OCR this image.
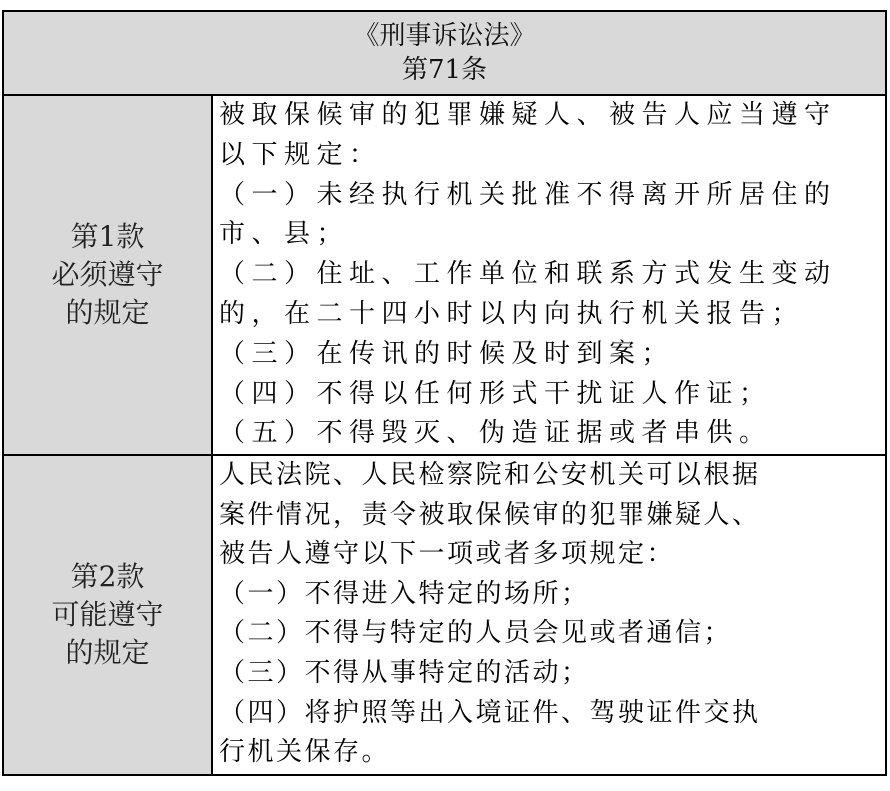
《刑事诉讼法》
第71条
第1款
必须遵守
的规定
被取保候审的犯罪嫌疑人、被告人应当遵守
以下规定：
（一）未经执行机关批准不得离开所居住的
市、县；
（二）住址、工作单位和联系方式发生变动
的，在二十四小时以内向执行机关报告；
（三）在传讯的时候及时到案；
（四）不得以任何形式干扰证人作证；
（五）不得毁灭、伪造证据或者串供。
第2款
可能遵守
的规定
人民法院、人民检察院和公安机关可以根据
案件情况，责令被取保候审的犯罪嫌疑人、
被告人遵守以下一项或者多项规定：
（一）不得进入特定的场所；
（二）不得与特定的人员会见或者通信；
（三）不得从事特定的活动；
（四）将护照等出入境证件、驾驶证件交执
行机关保存。
